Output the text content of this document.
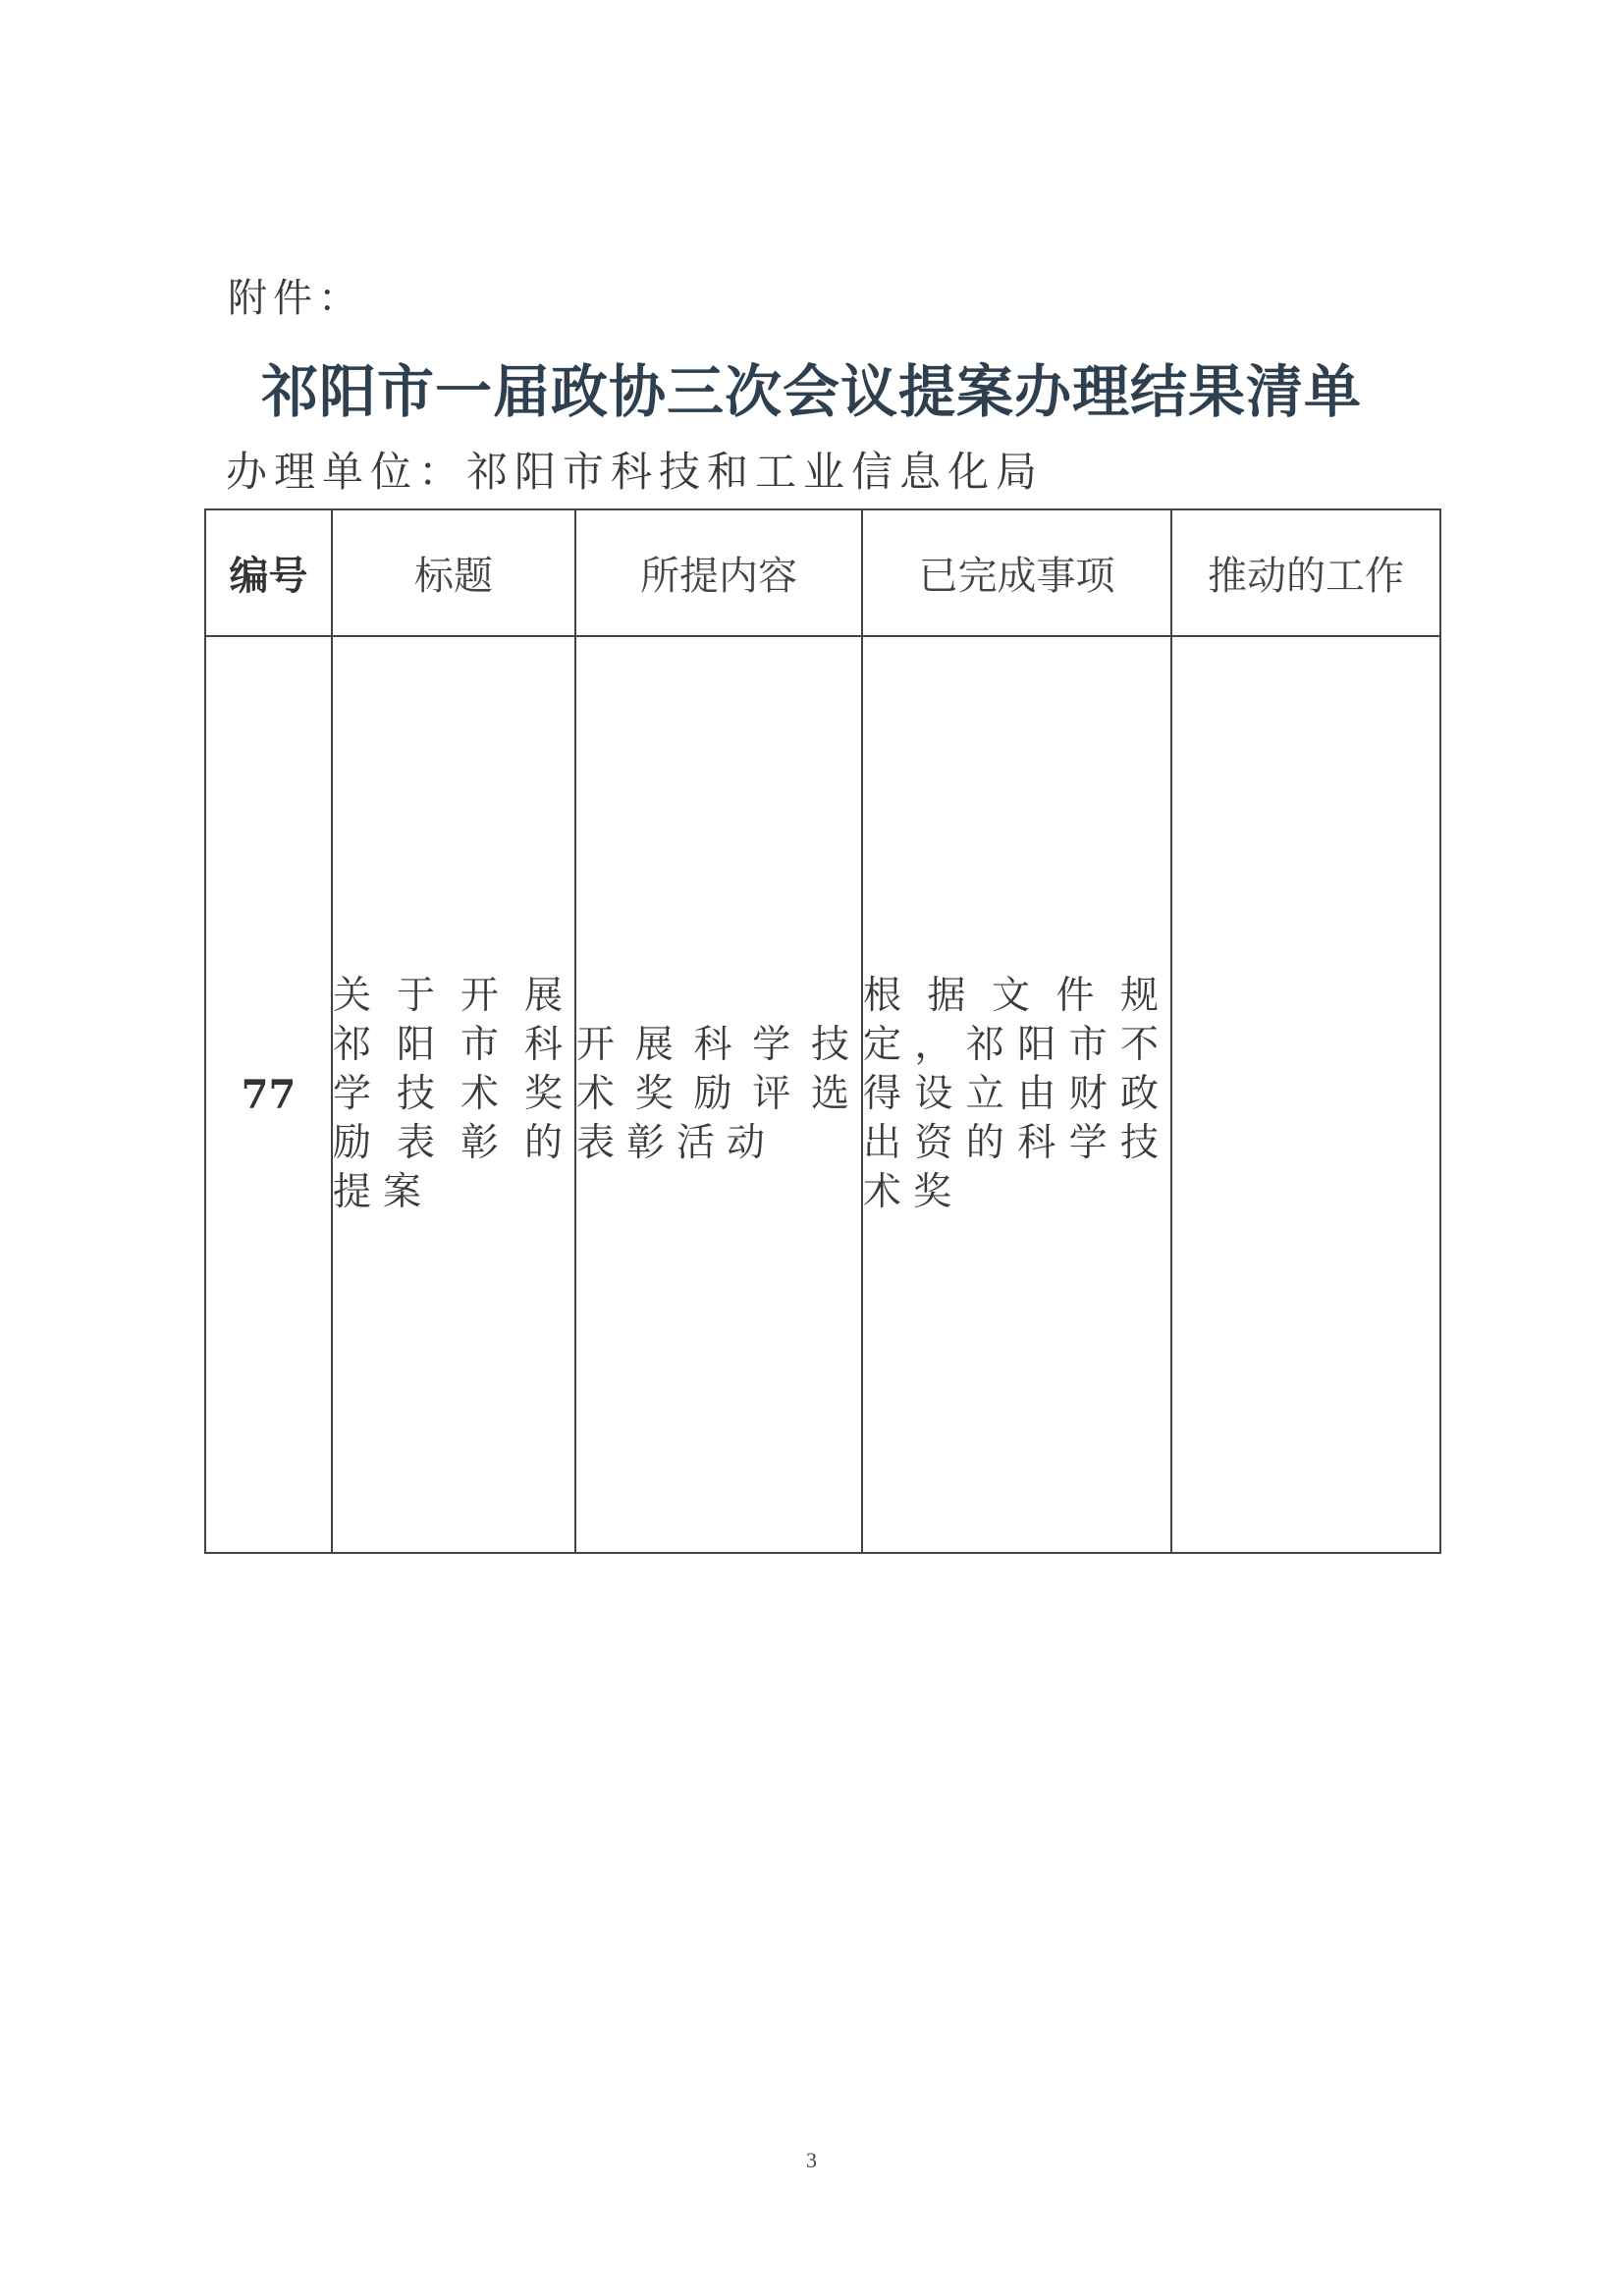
附件：
祁阳市一届政协三次会议提案办理结果清单
办理单位：祁阳市科技和工业信息化局
编号	标题	所提内容	已完成事项	推动的工作
77	关于开展祁阳市科学技术奖励表彰的提案	开展科学技术奖励评选表彰活动	根据文件规定，祁阳市不得设立由财政出资的科学技术奖	
3
